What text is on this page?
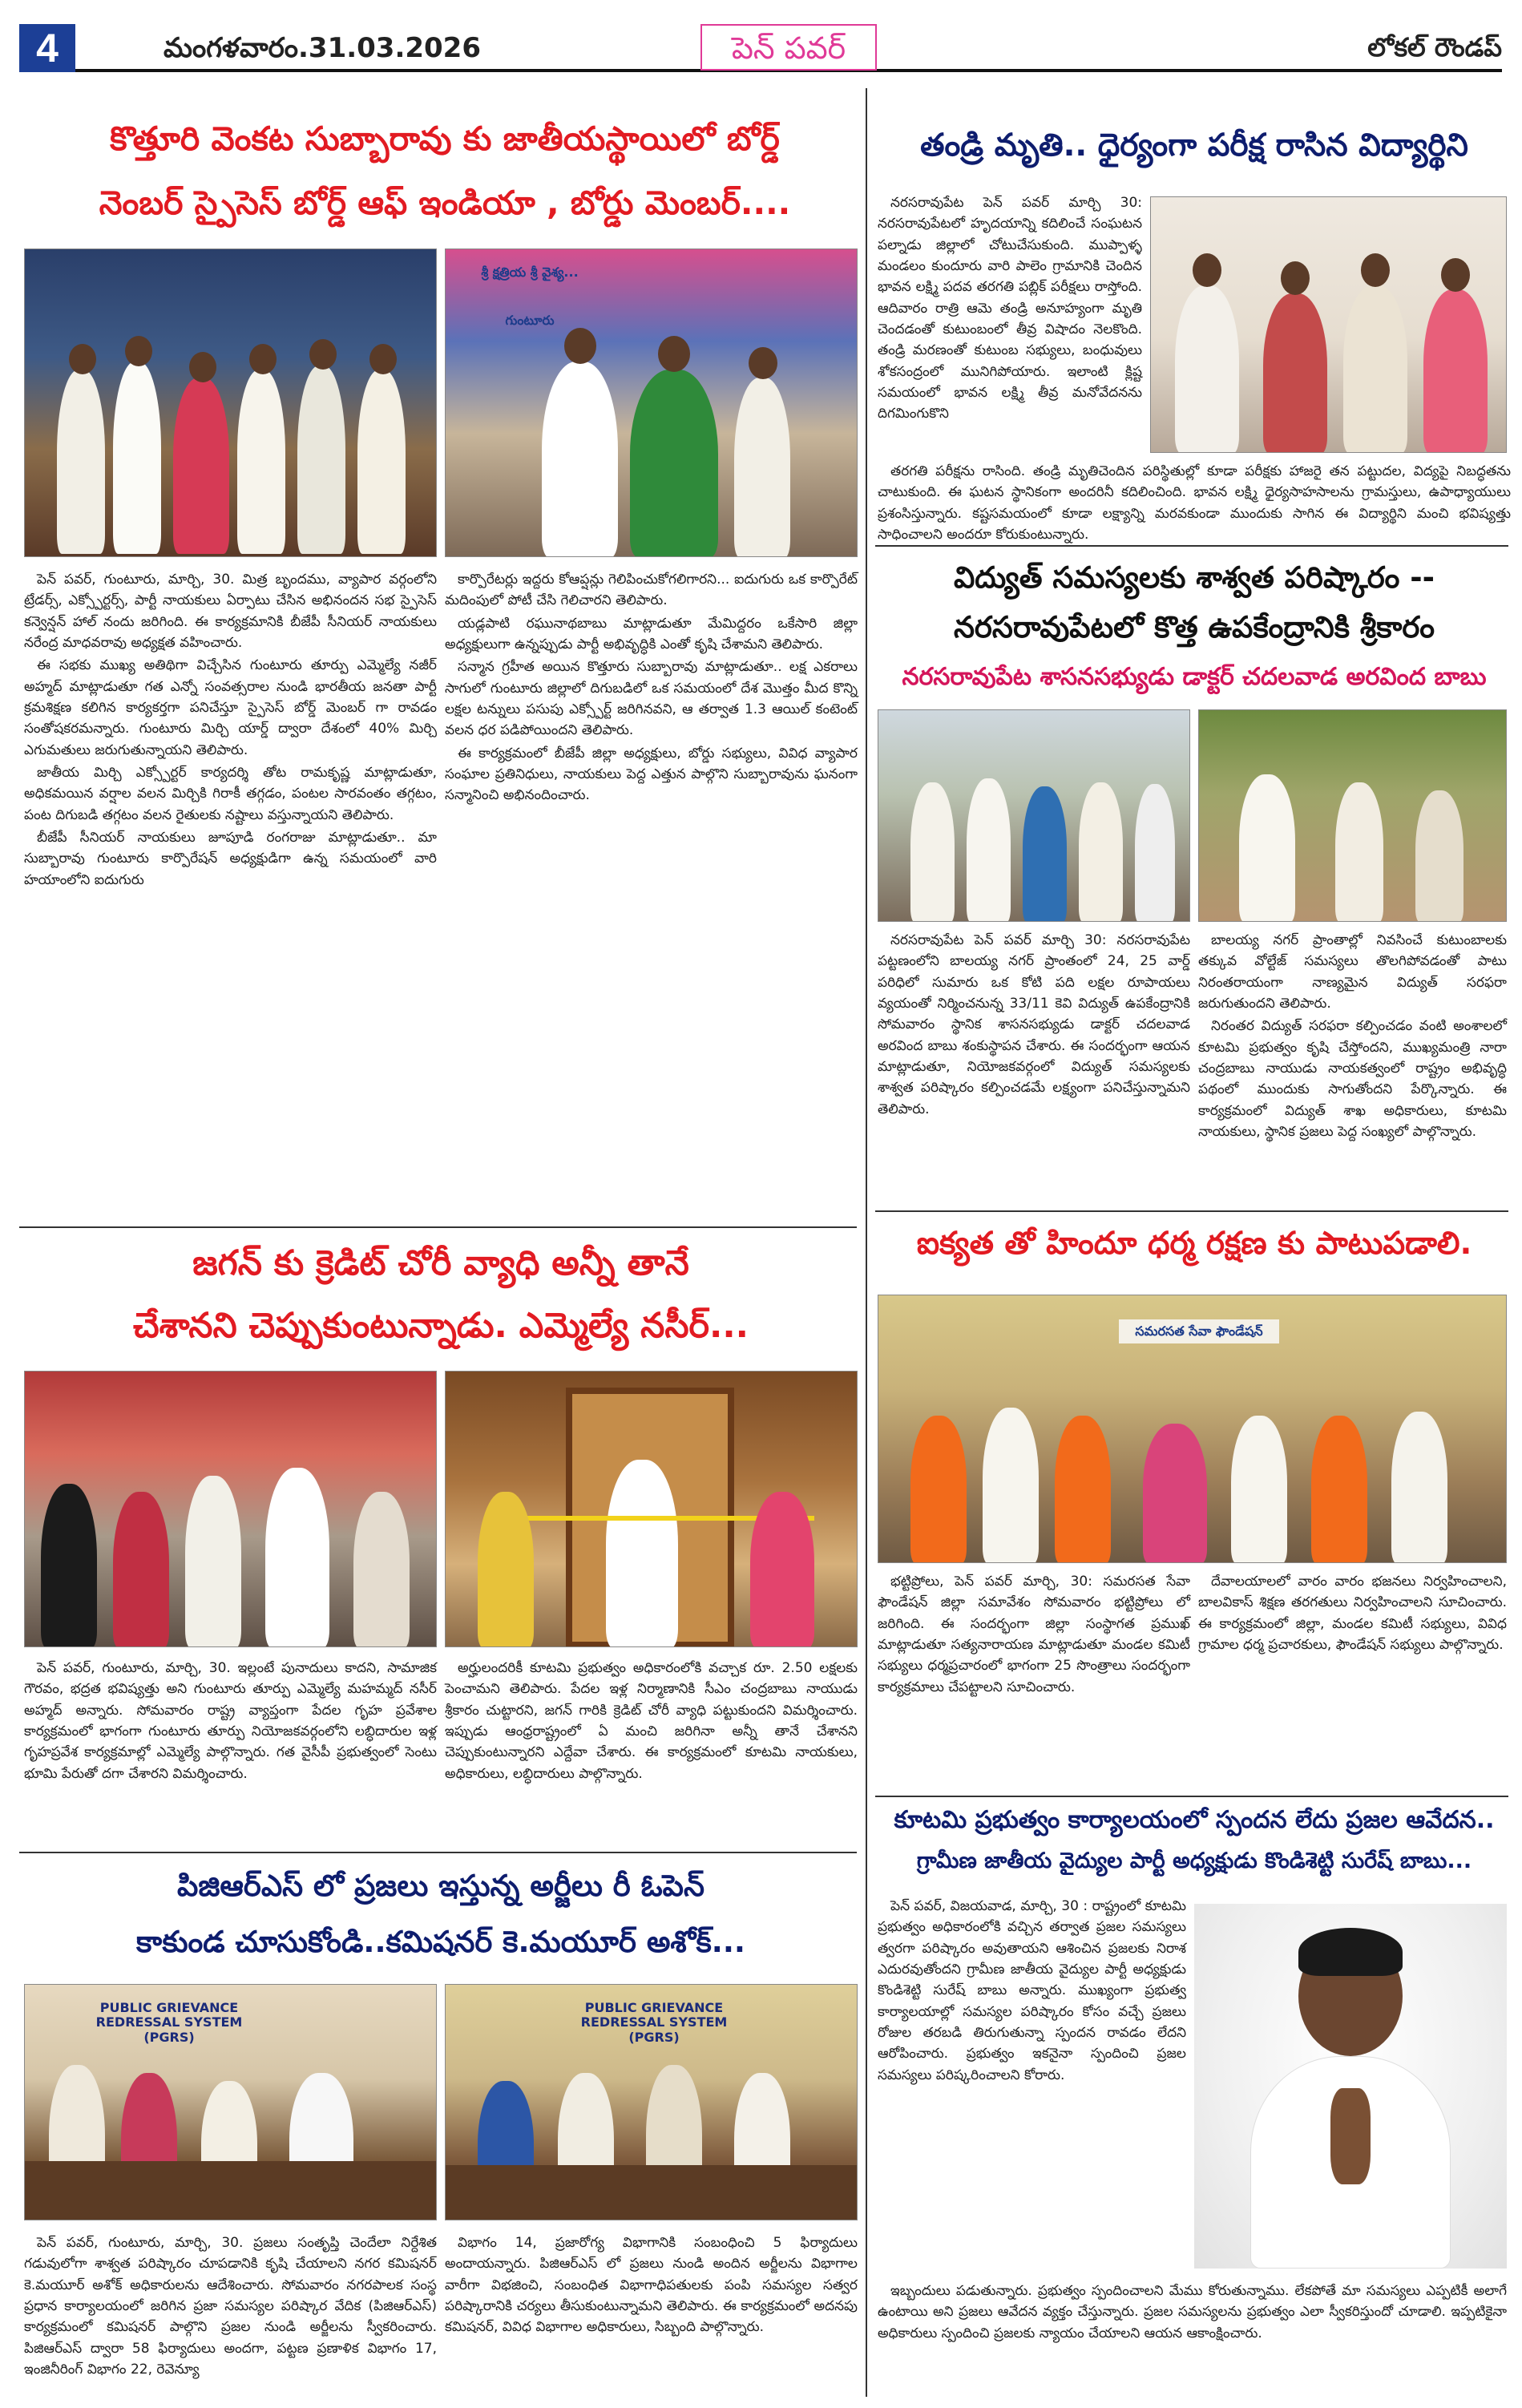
4	మంగళవారం.31.03.2026	పెన్ పవర్	లోకల్ రౌండప్
కొత్తూరి వెంకట సుబ్బారావు కు జాతీయస్థాయిలో బోర్డ్
నెంబర్ స్పైసెస్ బోర్డ్ ఆఫ్ ఇండియా , బోర్డు మెంబర్....
శ్రీ క్షత్రియ శ్రీ వైశ్య...
గుంటూరు

పెన్ పవర్, గుంటూరు, మార్చి, 30. మిత్ర బృందము, వ్యాపార వర్గంలోని ట్రేడర్స్, ఎక్స్పోర్టర్స్, పార్టీ నాయకులు ఏర్పాటు చేసిన అభినందన సభ స్పైసెస్ కన్వెన్షన్ హాల్ నందు జరిగింది. ఈ కార్యక్రమానికి బీజేపీ సీనియర్ నాయకులు నరేంద్ర మాధవరావు అధ్యక్షత వహించారు.

ఈ సభకు ముఖ్య అతిథిగా విచ్చేసిన గుంటూరు తూర్పు ఎమ్మెల్యే నజీర్ అహ్మద్ మాట్లాడుతూ గత ఎన్నో సంవత్సరాల నుండి భారతీయ జనతా పార్టీ క్రమశిక్షణ కలిగిన కార్యకర్తగా పనిచేస్తూ స్పైసెస్ బోర్డ్ మెంబర్ గా రావడం సంతోషకరమన్నారు. గుంటూరు మిర్చి యార్డ్ ద్వారా దేశంలో 40% మిర్చి ఎగుమతులు జరుగుతున్నాయని తెలిపారు.

జాతీయ మిర్చి ఎక్స్పోర్టర్ కార్యదర్శి తోట రామకృష్ణ మాట్లాడుతూ, అధికమయిన వర్షాల వలన మిర్చికి గిరాకీ తగ్గడం, పంటల సారవంతం తగ్గటం, పంట దిగుబడి తగ్గటం వలన రైతులకు నష్టాలు వస్తున్నాయని తెలిపారు.

బీజేపీ సీనియర్ నాయకులు జూపూడి రంగరాజు మాట్లాడుతూ.. మా సుబ్బారావు గుంటూరు కార్పొరేషన్ అధ్యక్షుడిగా ఉన్న సమయంలో వారి హయాంలోని ఐదుగురు

కార్పొరేటర్లు ఇద్దరు కోఆప్షన్లు గెలిపించుకోగలిగారని... ఐదుగురు ఒక కార్పొరేట్ మదింపులో పోటీ చేసి గెలిచారని తెలిపారు.

యడ్లపాటి రఘునాథబాబు మాట్లాడుతూ మేమిద్దరం ఒకేసారి జిల్లా అధ్యక్షులుగా ఉన్నప్పుడు పార్టీ అభివృద్ధికి ఎంతో కృషి చేశామని తెలిపారు.

సన్మాన గ్రహీత అయిన కొత్తూరు సుబ్బారావు మాట్లాడుతూ.. లక్ష ఎకరాలు సాగులో గుంటూరు జిల్లాలో దిగుబడిలో ఒక సమయంలో దేశ మొత్తం మీద కొన్ని లక్షల టన్నులు పసుపు ఎక్స్పోర్ట్ జరిగినవని, ఆ తర్వాత 1.3 ఆయిల్ కంటెంట్ వలన ధర పడిపోయిందని తెలిపారు.

ఈ కార్యక్రమంలో బీజేపీ జిల్లా అధ్యక్షులు, బోర్డు సభ్యులు, వివిధ వ్యాపార సంఘాల ప్రతినిధులు, నాయకులు పెద్ద ఎత్తున పాల్గొని సుబ్బారావును ఘనంగా సన్మానించి అభినందించారు.

తండ్రి మృతి.. ధైర్యంగా పరీక్ష రాసిన విద్యార్థిని

నరసరావుపేట పెన్ పవర్ మార్చి 30: నరసరావుపేటలో హృదయాన్ని కదిలించే సంఘటన పల్నాడు జిల్లాలో చోటుచేసుకుంది. ముప్పాళ్ళ మండలం కుందూరు వారి పాలెం గ్రామానికి చెందిన భావన లక్ష్మి పదవ తరగతి పబ్లిక్ పరీక్షలు రాస్తోంది. ఆదివారం రాత్రి ఆమె తండ్రి అనూహ్యంగా మృతి చెందడంతో కుటుంబంలో తీవ్ర విషాదం నెలకొంది. తండ్రి మరణంతో కుటుంబ సభ్యులు, బంధువులు శోకసంద్రంలో మునిగిపోయారు. ఇలాంటి క్లిష్ట సమయంలో భావన లక్ష్మి తీవ్ర మనోవేదనను దిగమింగుకొని

తరగతి పరీక్షను రాసింది. తండ్రి మృతిచెందిన పరిస్థితుల్లో కూడా పరీక్షకు హాజరై తన పట్టుదల, విద్యపై నిబద్ధతను చాటుకుంది. ఈ ఘటన స్థానికంగా అందరినీ కదిలించింది. భావన లక్ష్మి ధైర్యసాహసాలను గ్రామస్తులు, ఉపాధ్యాయులు ప్రశంసిస్తున్నారు. కష్టసమయంలో కూడా లక్ష్యాన్ని మరవకుండా ముందుకు సాగిన ఈ విద్యార్థిని మంచి భవిష్యత్తు సాధించాలని అందరూ కోరుకుంటున్నారు.

విద్యుత్ సమస్యలకు శాశ్వత పరిష్కారం --
నరసరావుపేటలో కొత్త ఉపకేంద్రానికి శ్రీకారం
నరసరావుపేట శాసనసభ్యుడు డాక్టర్ చదలవాడ అరవింద బాబు

నరసరావుపేట పెన్ పవర్ మార్చి 30: నరసరావుపేట పట్టణంలోని బాలయ్య నగర్ ప్రాంతంలో 24, 25 వార్డ్ పరిధిలో సుమారు ఒక కోటి పది లక్షల రూపాయలు వ్యయంతో నిర్మించనున్న 33/11 కెవి విద్యుత్ ఉపకేంద్రానికి సోమవారం స్థానిక శాసనసభ్యుడు డాక్టర్ చదలవాడ అరవింద బాబు శంకుస్థాపన చేశారు. ఈ సందర్భంగా ఆయన మాట్లాడుతూ, నియోజకవర్గంలో విద్యుత్ సమస్యలకు శాశ్వత పరిష్కారం కల్పించడమే లక్ష్యంగా పనిచేస్తున్నామని తెలిపారు.

బాలయ్య నగర్ ప్రాంతాల్లో నివసించే కుటుంబాలకు తక్కువ వోల్టేజ్ సమస్యలు తొలగిపోవడంతో పాటు నిరంతరాయంగా నాణ్యమైన విద్యుత్ సరఫరా జరుగుతుందని తెలిపారు.

నిరంతర విద్యుత్ సరఫరా కల్పించడం వంటి అంశాలలో కూటమి ప్రభుత్వం కృషి చేస్తోందని, ముఖ్యమంత్రి నారా చంద్రబాబు నాయుడు నాయకత్వంలో రాష్ట్రం అభివృద్ధి పథంలో ముందుకు సాగుతోందని పేర్కొన్నారు. ఈ కార్యక్రమంలో విద్యుత్ శాఖ అధికారులు, కూటమి నాయకులు, స్థానిక ప్రజలు పెద్ద సంఖ్యలో పాల్గొన్నారు.

ఐక్యత తో హిందూ ధర్మ రక్షణ కు పాటుపడాలి.
సమరసత సేవా ఫౌండేషన్

భట్టిప్రోలు, పెన్ పవర్ మార్చి, 30: సమరసత సేవా ఫౌండేషన్ జిల్లా సమావేశం సోమవారం భట్టిప్రోలు లో జరిగింది. ఈ సందర్భంగా జిల్లా సంస్థాగత ప్రముఖ్ మాట్లాడుతూ సత్యనారాయణ మాట్లాడుతూ మండల కమిటీ సభ్యులు ధర్మప్రచారంలో భాగంగా 25 సొంత్రాలు సందర్భంగా కార్యక్రమాలు చేపట్టాలని సూచించారు.

దేవాలయాలలో వారం వారం భజనలు నిర్వహించాలని, బాలవికాస్ శిక్షణ తరగతులు నిర్వహించాలని సూచించారు. ఈ కార్యక్రమంలో జిల్లా, మండల కమిటీ సభ్యులు, వివిధ గ్రామాల ధర్మ ప్రచారకులు, ఫౌండేషన్ సభ్యులు పాల్గొన్నారు.

కూటమి ప్రభుత్వం కార్యాలయంలో స్పందన లేదు ప్రజల ఆవేదన..
గ్రామీణ జాతీయ వైద్యుల పార్టీ అధ్యక్షుడు కొండిశెట్టి సురేష్ బాబు...

పెన్ పవర్, విజయవాడ, మార్చి, 30 : రాష్ట్రంలో కూటమి ప్రభుత్వం అధికారంలోకి వచ్చిన తర్వాత ప్రజల సమస్యలు త్వరగా పరిష్కారం అవుతాయని ఆశించిన ప్రజలకు నిరాశ ఎదురవుతోందని గ్రామీణ జాతీయ వైద్యుల పార్టీ అధ్యక్షుడు కొండిశెట్టి సురేష్ బాబు అన్నారు. ముఖ్యంగా ప్రభుత్వ కార్యాలయాల్లో సమస్యల పరిష్కారం కోసం వచ్చే ప్రజలు రోజుల తరబడి తిరుగుతున్నా స్పందన రావడం లేదని ఆరోపించారు. ప్రభుత్వం ఇకనైనా స్పందించి ప్రజల సమస్యలు పరిష్కరించాలని కోరారు.

ఇబ్బందులు పడుతున్నారు. ప్రభుత్వం స్పందించాలని మేము కోరుతున్నాము. లేకపోతే మా సమస్యలు ఎప్పటికీ అలాగే ఉంటాయి అని ప్రజలు ఆవేదన వ్యక్తం చేస్తున్నారు. ప్రజల సమస్యలను ప్రభుత్వం ఎలా స్వీకరిస్తుందో చూడాలి. ఇప్పటికైనా అధికారులు స్పందించి ప్రజలకు న్యాయం చేయాలని ఆయన ఆకాంక్షించారు.

జగన్ కు క్రెడిట్ చోరీ వ్యాధి అన్నీ తానే
చేశానని చెప్పుకుంటున్నాడు. ఎమ్మెల్యే నసీర్...

పెన్ పవర్, గుంటూరు, మార్చి, 30. ఇల్లంటే పునాదులు కాదని, సామాజిక గౌరవం, భద్రత భవిష్యత్తు అని గుంటూరు తూర్పు ఎమ్మెల్యే మహమ్మద్ నసీర్ అహ్మద్ అన్నారు. సోమవారం రాష్ట్ర వ్యాప్తంగా పేదల గృహ ప్రవేశాల కార్యక్రమంలో భాగంగా గుంటూరు తూర్పు నియోజకవర్గంలోని లబ్ధిదారుల ఇళ్ల గృహప్రవేశ కార్యక్రమాల్లో ఎమ్మెల్యే పాల్గొన్నారు. గత వైసీపీ ప్రభుత్వంలో సెంటు భూమి పేరుతో దగా చేశారని విమర్శించారు.

అర్హులందరికీ కూటమి ప్రభుత్వం అధికారంలోకి వచ్చాక రూ. 2.50 లక్షలకు పెంచామని తెలిపారు. పేదల ఇళ్ల నిర్మాణానికి సీఎం చంద్రబాబు నాయుడు శ్రీకారం చుట్టారని, జగన్ గారికి క్రెడిట్ చోరీ వ్యాధి పట్టుకుందని విమర్శించారు. ఇప్పుడు ఆంధ్రరాష్ట్రంలో ఏ మంచి జరిగినా అన్నీ తానే చేశానని చెప్పుకుంటున్నారని ఎద్దేవా చేశారు. ఈ కార్యక్రమంలో కూటమి నాయకులు, అధికారులు, లబ్ధిదారులు పాల్గొన్నారు.

పిజిఆర్ఎస్ లో ప్రజలు ఇస్తున్న అర్జీలు రీ ఓపెన్
కాకుండ చూసుకోండి..కమిషనర్ కె.మయూర్ అశోక్...
PUBLIC GRIEVANCE REDRESSAL SYSTEM (PGRS)
PUBLIC GRIEVANCE REDRESSAL SYSTEM (PGRS)

పెన్ పవర్, గుంటూరు, మార్చి, 30. ప్రజలు సంతృప్తి చెందేలా నిర్దేశిత గడువులోగా శాశ్వత పరిష్కారం చూపడానికి కృషి చేయాలని నగర కమిషనర్ కె.మయూర్ అశోక్ అధికారులను ఆదేశించారు. సోమవారం నగరపాలక సంస్థ ప్రధాన కార్యాలయంలో జరిగిన ప్రజా సమస్యల పరిష్కార వేదిక (పిజిఆర్ఎస్) కార్యక్రమంలో కమిషనర్ పాల్గొని ప్రజల నుండి అర్జీలను స్వీకరించారు. పిజిఆర్ఎస్ ద్వారా 58 ఫిర్యాదులు అందగా, పట్టణ ప్రణాళిక విభాగం 17, ఇంజినీరింగ్ విభాగం 22, రెవెన్యూ

విభాగం 14, ప్రజారోగ్య విభాగానికి సంబంధించి 5 ఫిర్యాదులు అందాయన్నారు. పిజిఆర్ఎస్ లో ప్రజలు నుండి అందిన అర్జీలను విభాగాల వారీగా విభజించి, సంబంధిత విభాగాధిపతులకు పంపి సమస్యల సత్వర పరిష్కారానికి చర్యలు తీసుకుంటున్నామని తెలిపారు. ఈ కార్యక్రమంలో అదనపు కమిషనర్, వివిధ విభాగాల అధికారులు, సిబ్బంది పాల్గొన్నారు.
